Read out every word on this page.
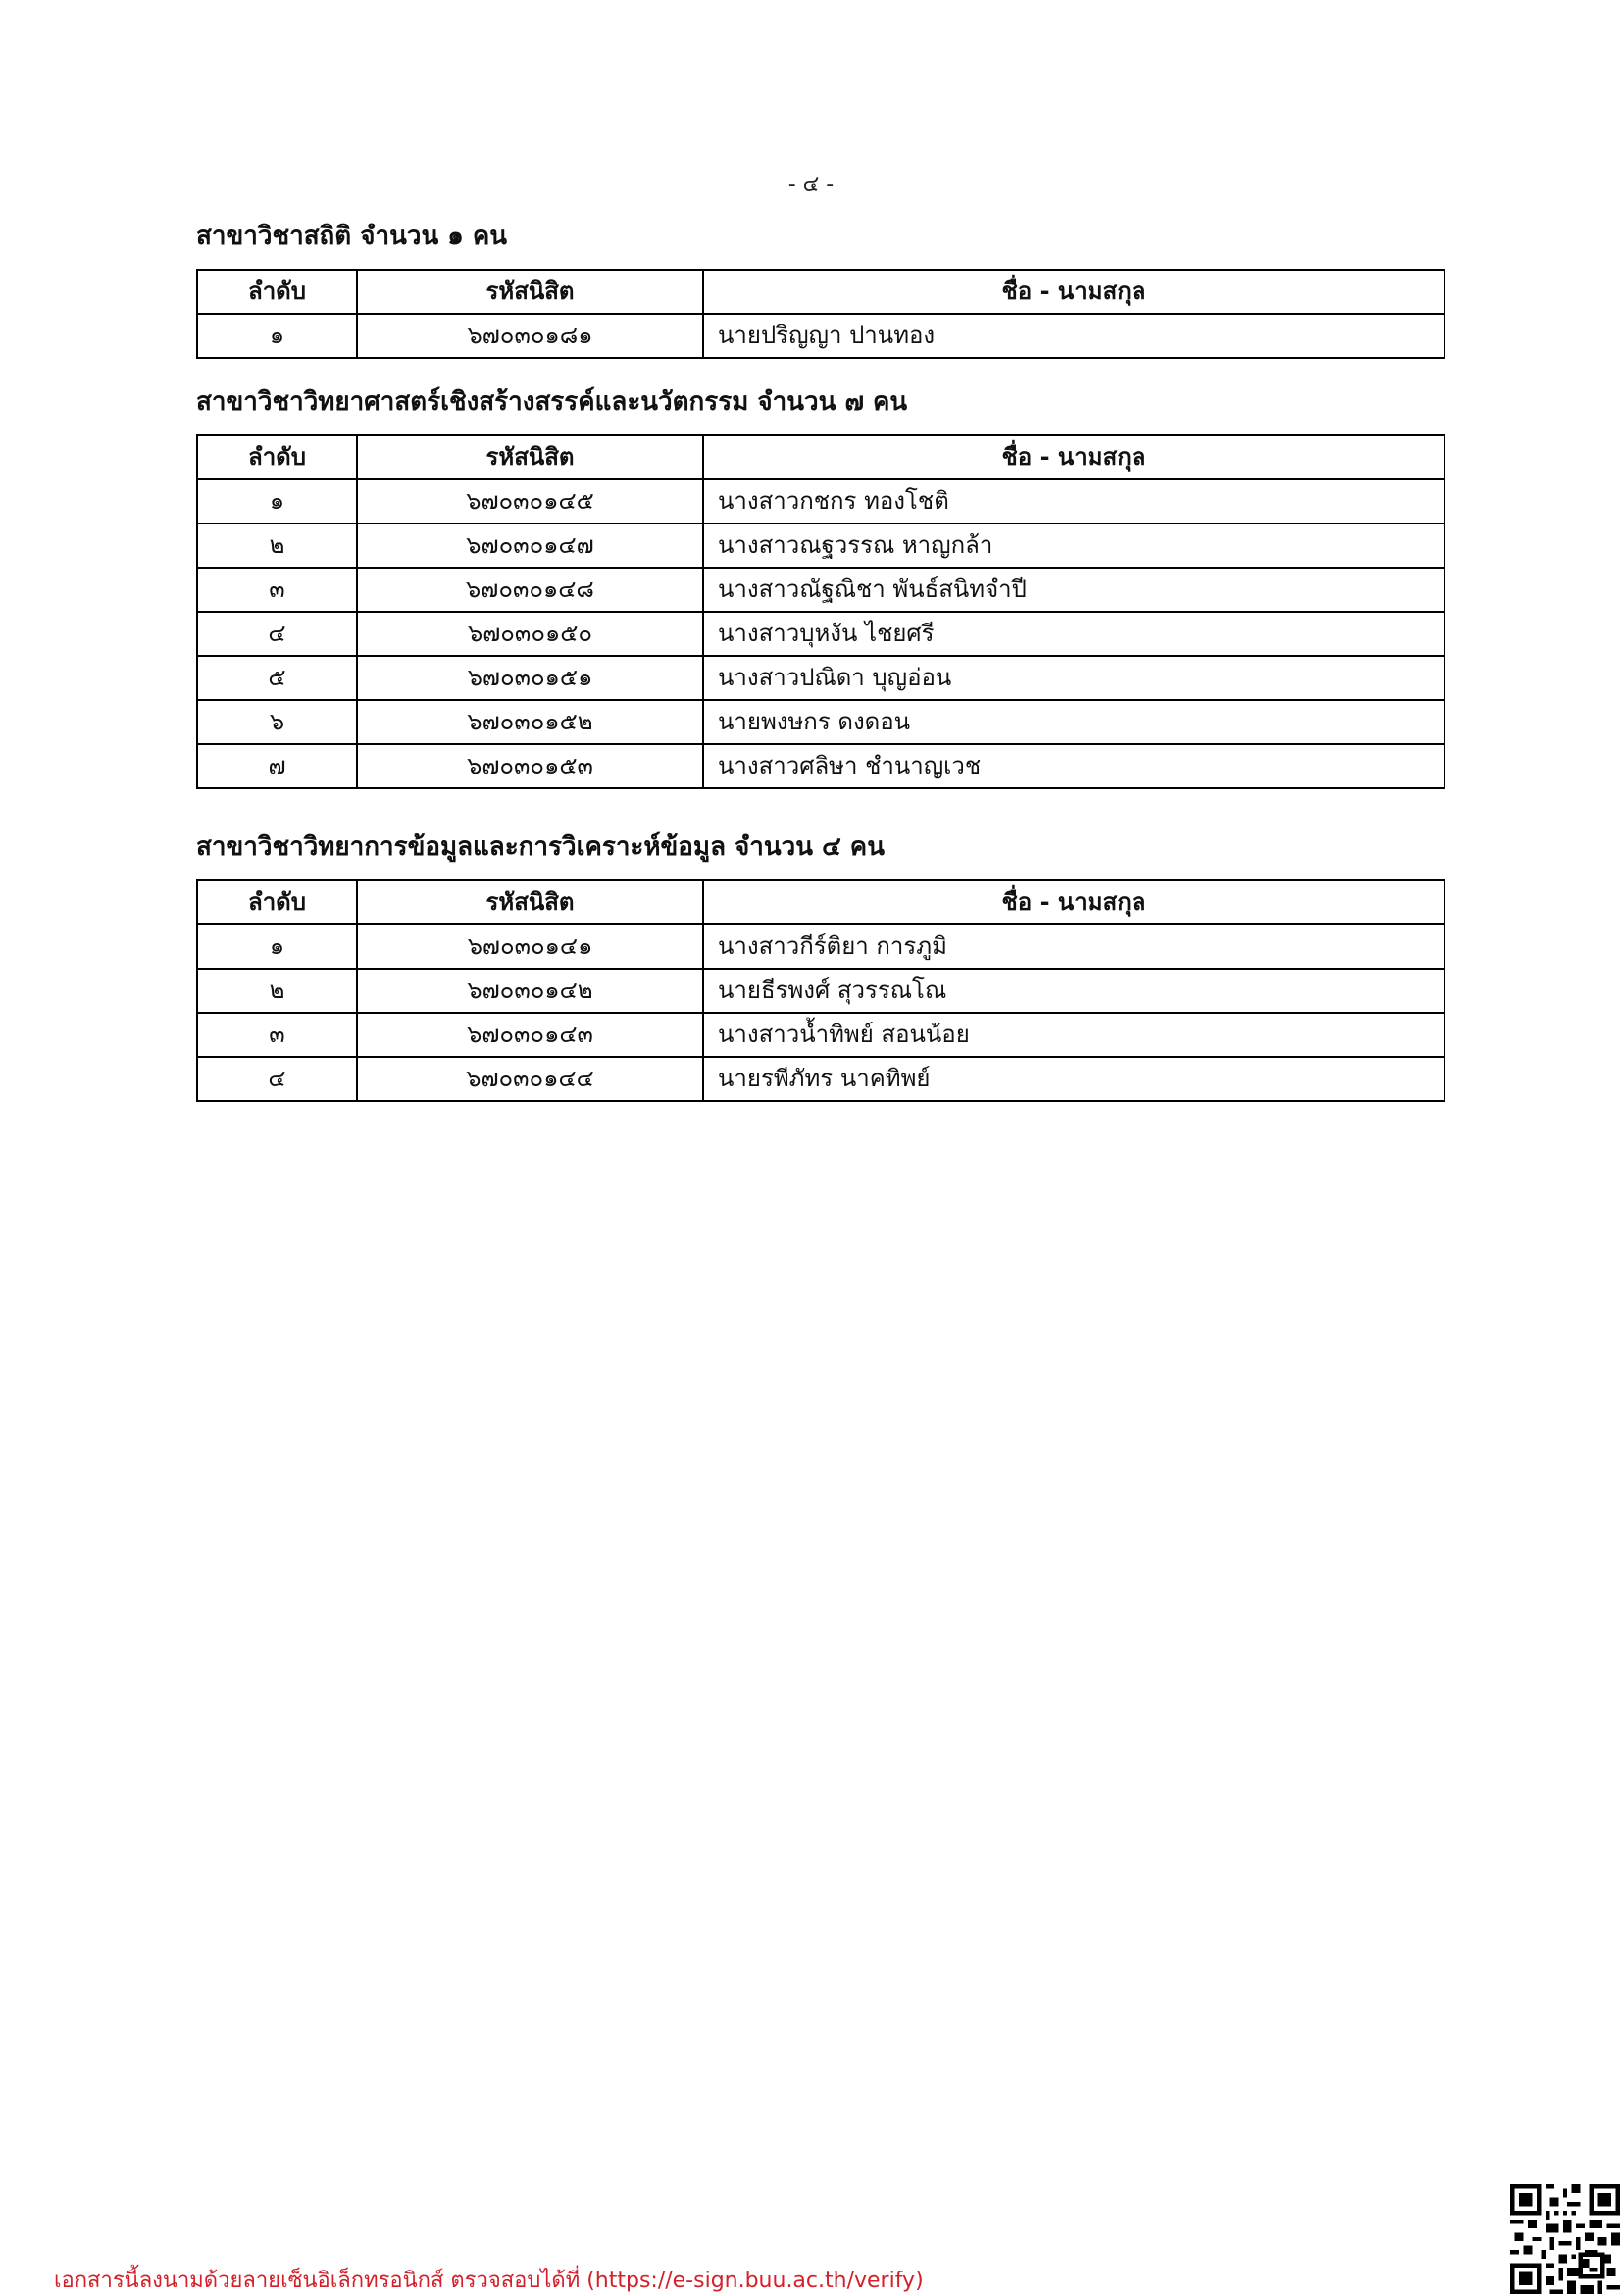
- ๔ -
สาขาวิชาสถิติ จำนวน ๑ คน
ลำดับ	รหัสนิสิต	ชื่อ - นามสกุล
๑	๖๗๐๓๐๑๘๑	นายปริญญา ปานทอง
สาขาวิชาวิทยาศาสตร์เชิงสร้างสรรค์และนวัตกรรม จำนวน ๗ คน
ลำดับ	รหัสนิสิต	ชื่อ - นามสกุล
๑	๖๗๐๓๐๑๔๕	นางสาวกชกร ทองโชติ
๒	๖๗๐๓๐๑๔๗	นางสาวณฐวรรณ หาญกล้า
๓	๖๗๐๓๐๑๔๘	นางสาวณัฐณิชา พันธ์สนิทจำปี
๔	๖๗๐๓๐๑๕๐	นางสาวบุหงัน ไชยศรี
๕	๖๗๐๓๐๑๕๑	นางสาวปณิดา บุญอ่อน
๖	๖๗๐๓๐๑๕๒	นายพงษกร ดงดอน
๗	๖๗๐๓๐๑๕๓	นางสาวศลิษา ชำนาญเวช
สาขาวิชาวิทยาการข้อมูลและการวิเคราะห์ข้อมูล จำนวน ๔ คน
ลำดับ	รหัสนิสิต	ชื่อ - นามสกุล
๑	๖๗๐๓๐๑๔๑	นางสาวกีร์ติยา การภูมิ
๒	๖๗๐๓๐๑๔๒	นายธีรพงศ์ สุวรรณโณ
๓	๖๗๐๓๐๑๔๓	นางสาวน้ำทิพย์ สอนน้อย
๔	๖๗๐๓๐๑๔๔	นายรพีภัทร นาคทิพย์
เอกสารนี้ลงนามด้วยลายเซ็นอิเล็กทรอนิกส์ ตรวจสอบได้ที่ (https://e-sign.buu.ac.th/verify)
